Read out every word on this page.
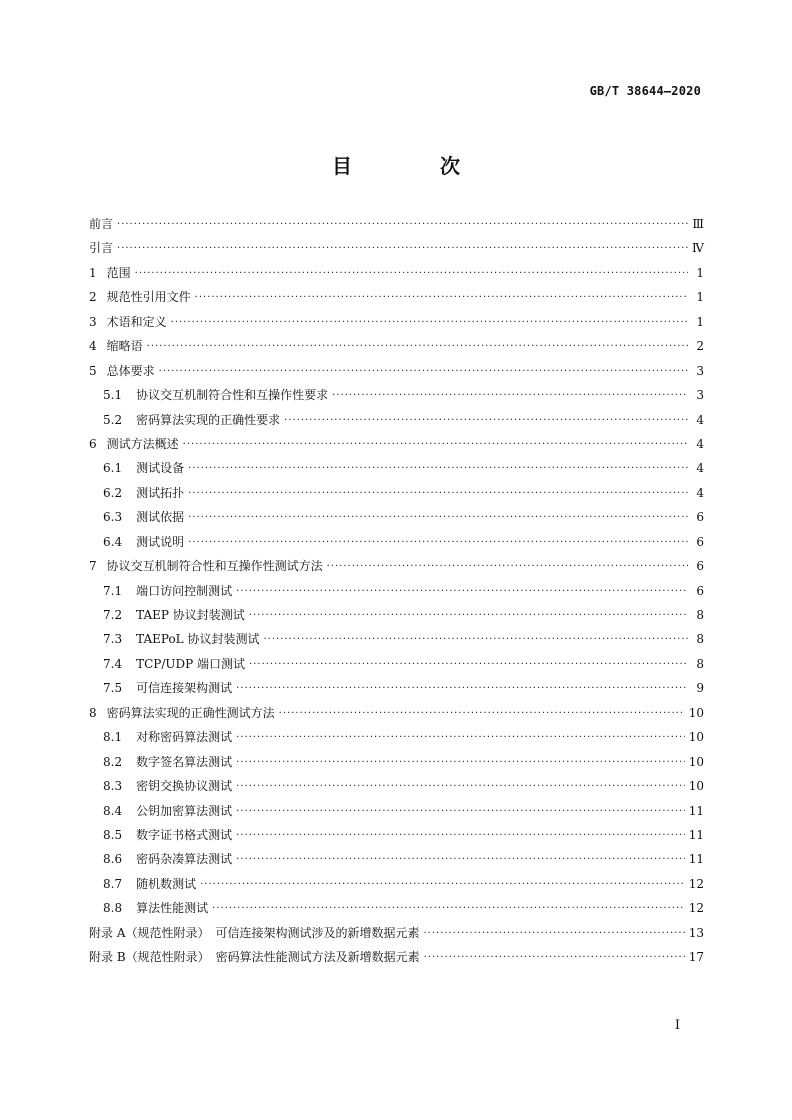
GB/T 38644—2020
目　次
前言 ·····	Ⅲ
引言 ·····	Ⅳ
1 范围 ·····	1
2 规范性引用文件 ·····	1
3 术语和定义 ·····	1
4 缩略语 ·····	2
5 总体要求 ·····	3
5.1 协议交互机制符合性和互操作性要求 ·····	3
5.2 密码算法实现的正确性要求 ·····	4
6 测试方法概述 ·····	4
6.1 测试设备 ·····	4
6.2 测试拓扑 ·····	4
6.3 测试依据 ·····	6
6.4 测试说明 ·····	6
7 协议交互机制符合性和互操作性测试方法 ·····	6
7.1 端口访问控制测试 ·····	6
7.2 TAEP 协议封装测试 ·····	8
7.3 TAEPoL 协议封装测试 ·····	8
7.4 TCP/UDP 端口测试 ·····	8
7.5 可信连接架构测试 ·····	9
8 密码算法实现的正确性测试方法 ·····	10
8.1 对称密码算法测试 ·····	10
8.2 数字签名算法测试 ·····	10
8.3 密钥交换协议测试 ·····	10
8.4 公钥加密算法测试 ·····	11
8.5 数字证书格式测试 ·····	11
8.6 密码杂凑算法测试 ·····	11
8.7 随机数测试 ·····	12
8.8 算法性能测试 ·····	12
附录 A（规范性附录）　可信连接架构测试涉及的新增数据元素 ·····	13
附录 B（规范性附录）　密码算法性能测试方法及新增数据元素 ·····	17
Ⅰ
